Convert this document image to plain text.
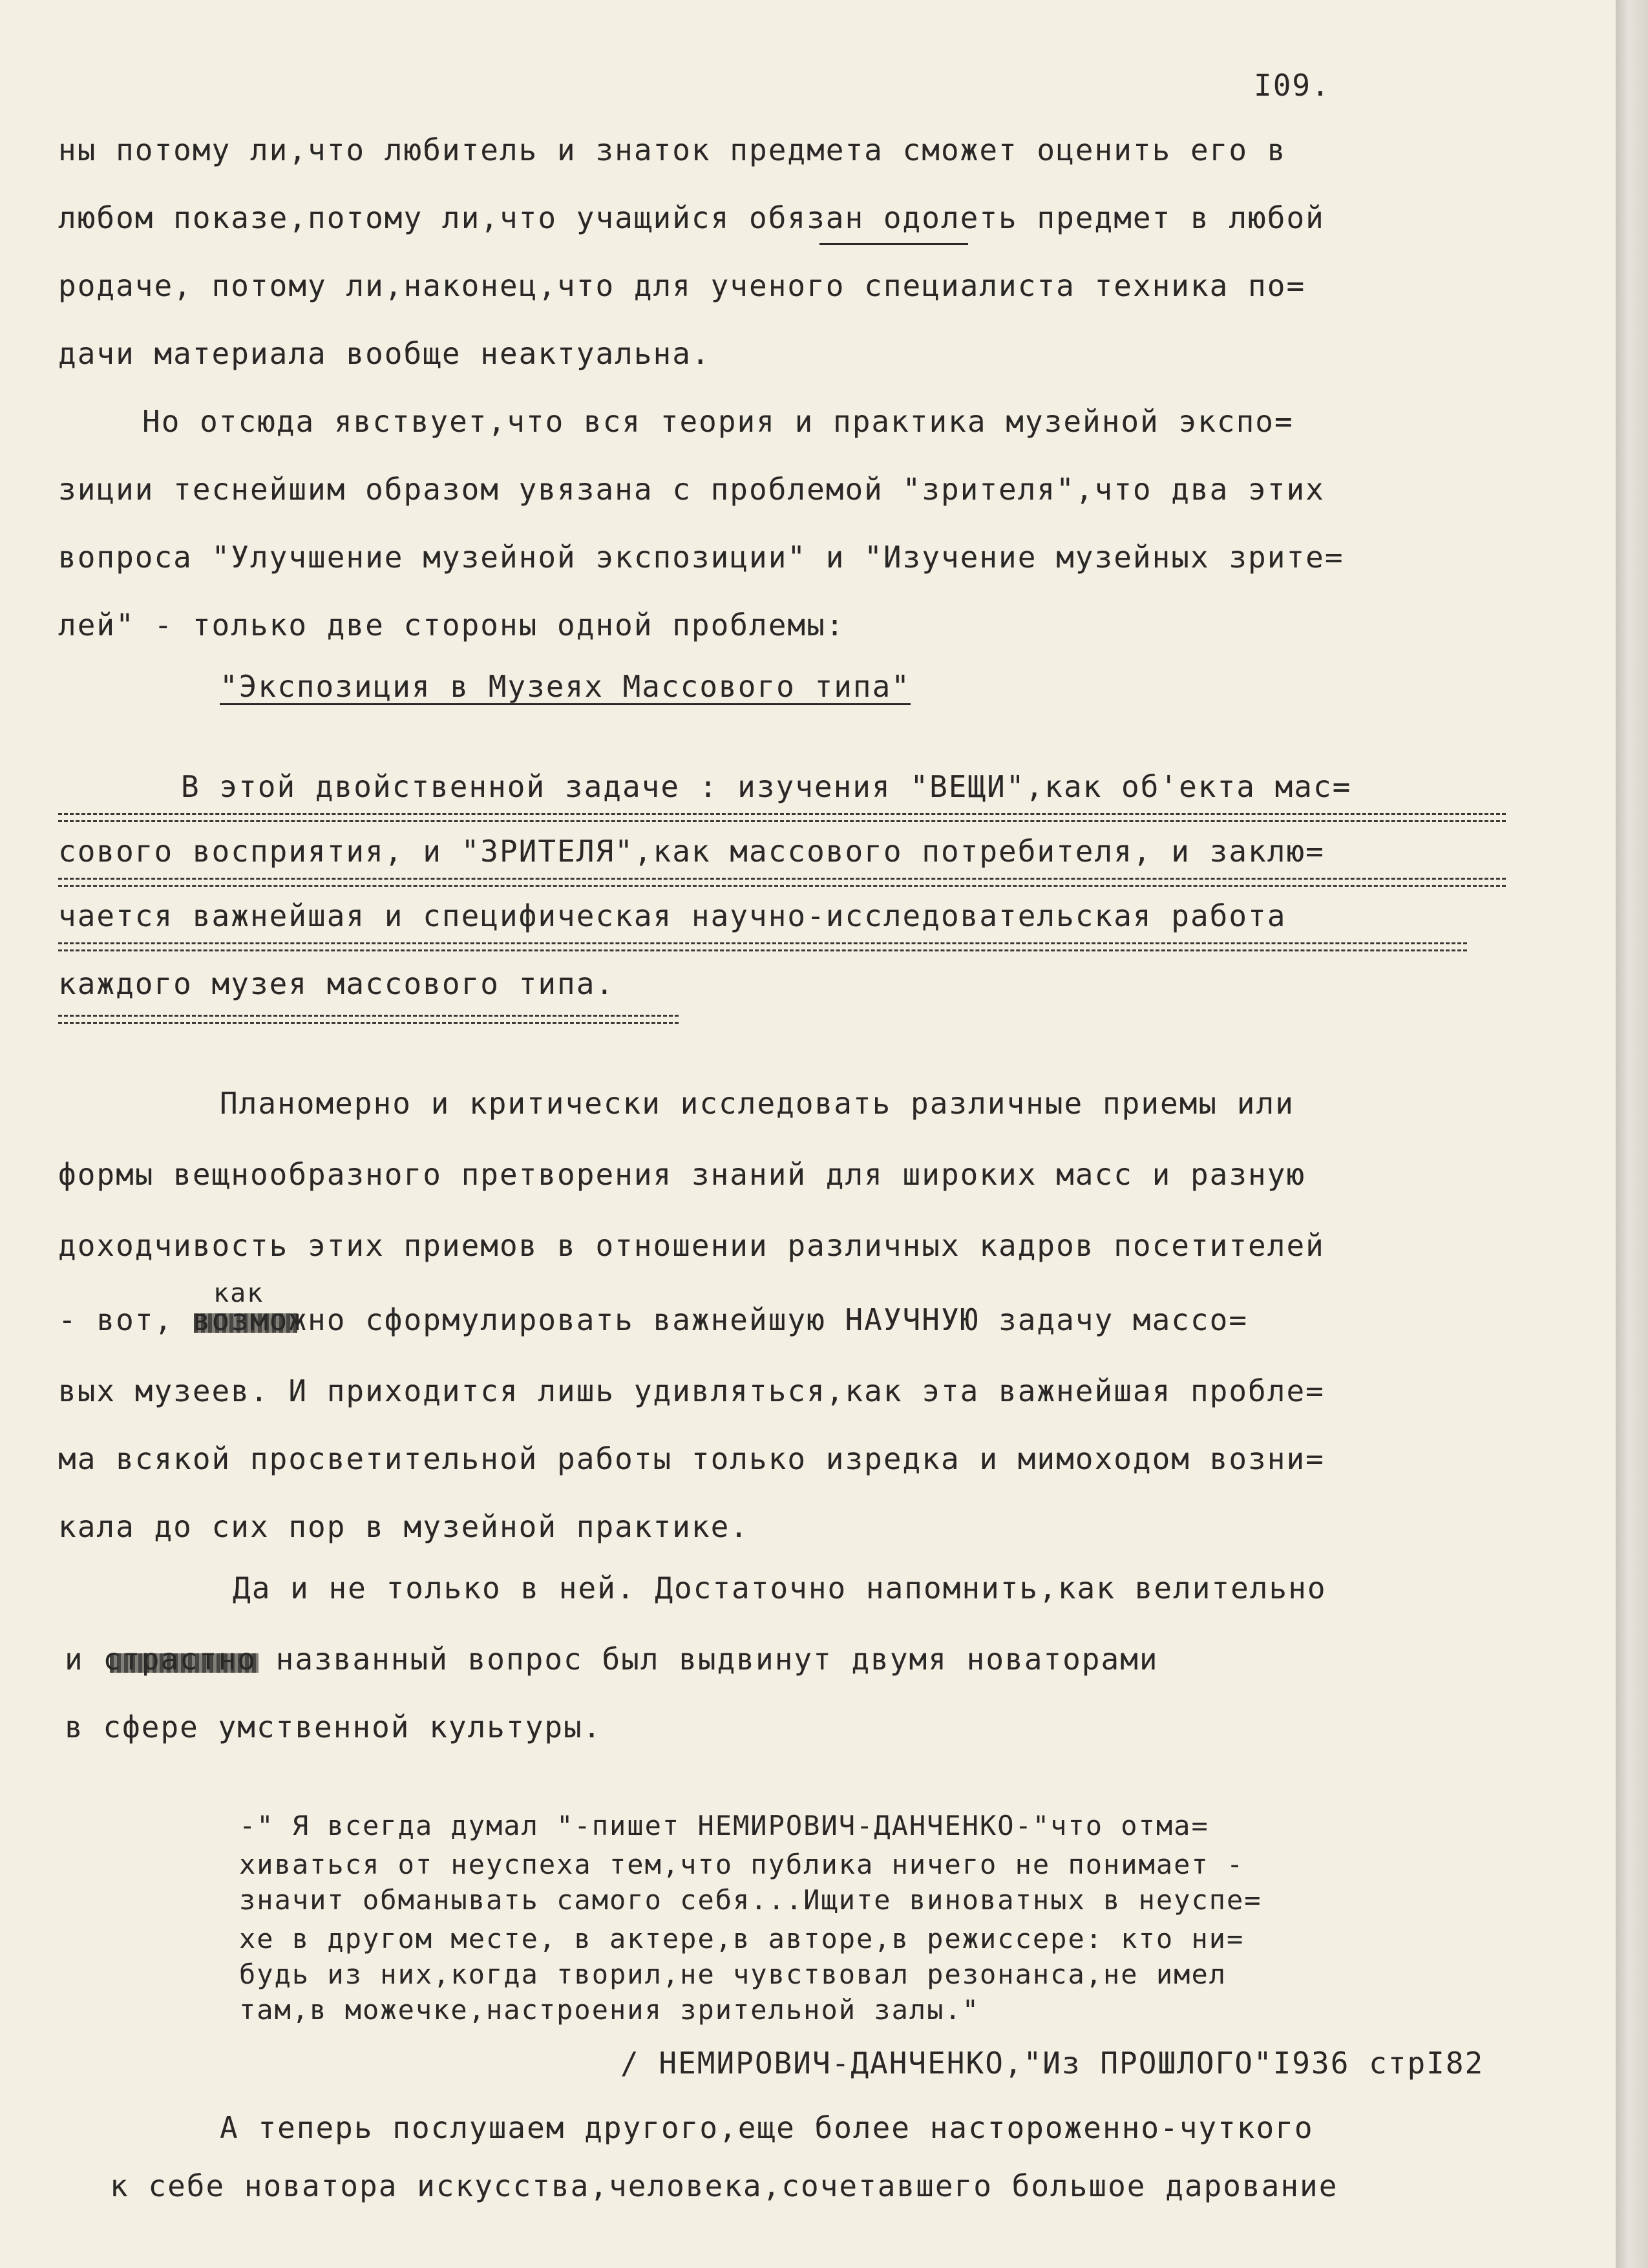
I09.
ны потому ли,что любитель и знаток предмета сможет оценить его в
любом показе,потому ли,что учащийся обязан одолеть предмет в любой
родаче, потому ли,наконец,что для ученого специалиста техника по=
дачи материала вообще неактуальна.
Но отсюда явствует,что вся теория и практика музейной экспо=
зиции теснейшим образом увязана с проблемой "зрителя",что два этих
вопроса "Улучшение музейной экспозиции" и "Изучение музейных зрите=
лей" - только две стороны одной проблемы:
"Экспозиция в Музеях Массового типа"
В этой двойственной задаче : изучения "ВЕЩИ",как об'екта мас=
сового восприятия, и "ЗРИТЕЛЯ",как массового потребителя, и заклю=
чается важнейшая и специфическая научно-исследовательская работа
каждого музея массового типа.
Планомерно и критически исследовать различные приемы или
формы вещнообразного претворения знаний для широких масс и разную
доходчивость этих приемов в отношении различных кадров посетителей
как
- вот, возможно сформулировать важнейшую НАУЧНУЮ задачу массо=
вых музеев. И приходится лишь удивляться,как эта важнейшая пробле=
ма всякой просветительной работы только изредка и мимоходом возни=
кала до сих пор в музейной практике.
Да и не только в ней. Достаточно напомнить,как велительно
и страстно названный вопрос был выдвинут двумя новаторами
в сфере умственной культуры.
-" Я всегда думал "-пишет НЕМИРОВИЧ-ДАНЧЕНКО-"что отма=
хиваться от неуспеха тем,что публика ничего не понимает -
значит обманывать самого себя...Ищите виноватных в неуспе=
хе в другом месте, в актере,в авторе,в режиссере: кто ни=
будь из них,когда творил,не чувствовал резонанса,не имел
там,в можечке,настроения зрительной залы."
/ НЕМИРОВИЧ-ДАНЧЕНКО,"Из ПРОШЛОГО"I936 стрI82
А теперь послушаем другого,еще более настороженно-чуткого
к себе новатора искусства,человека,сочетавшего большое дарование
